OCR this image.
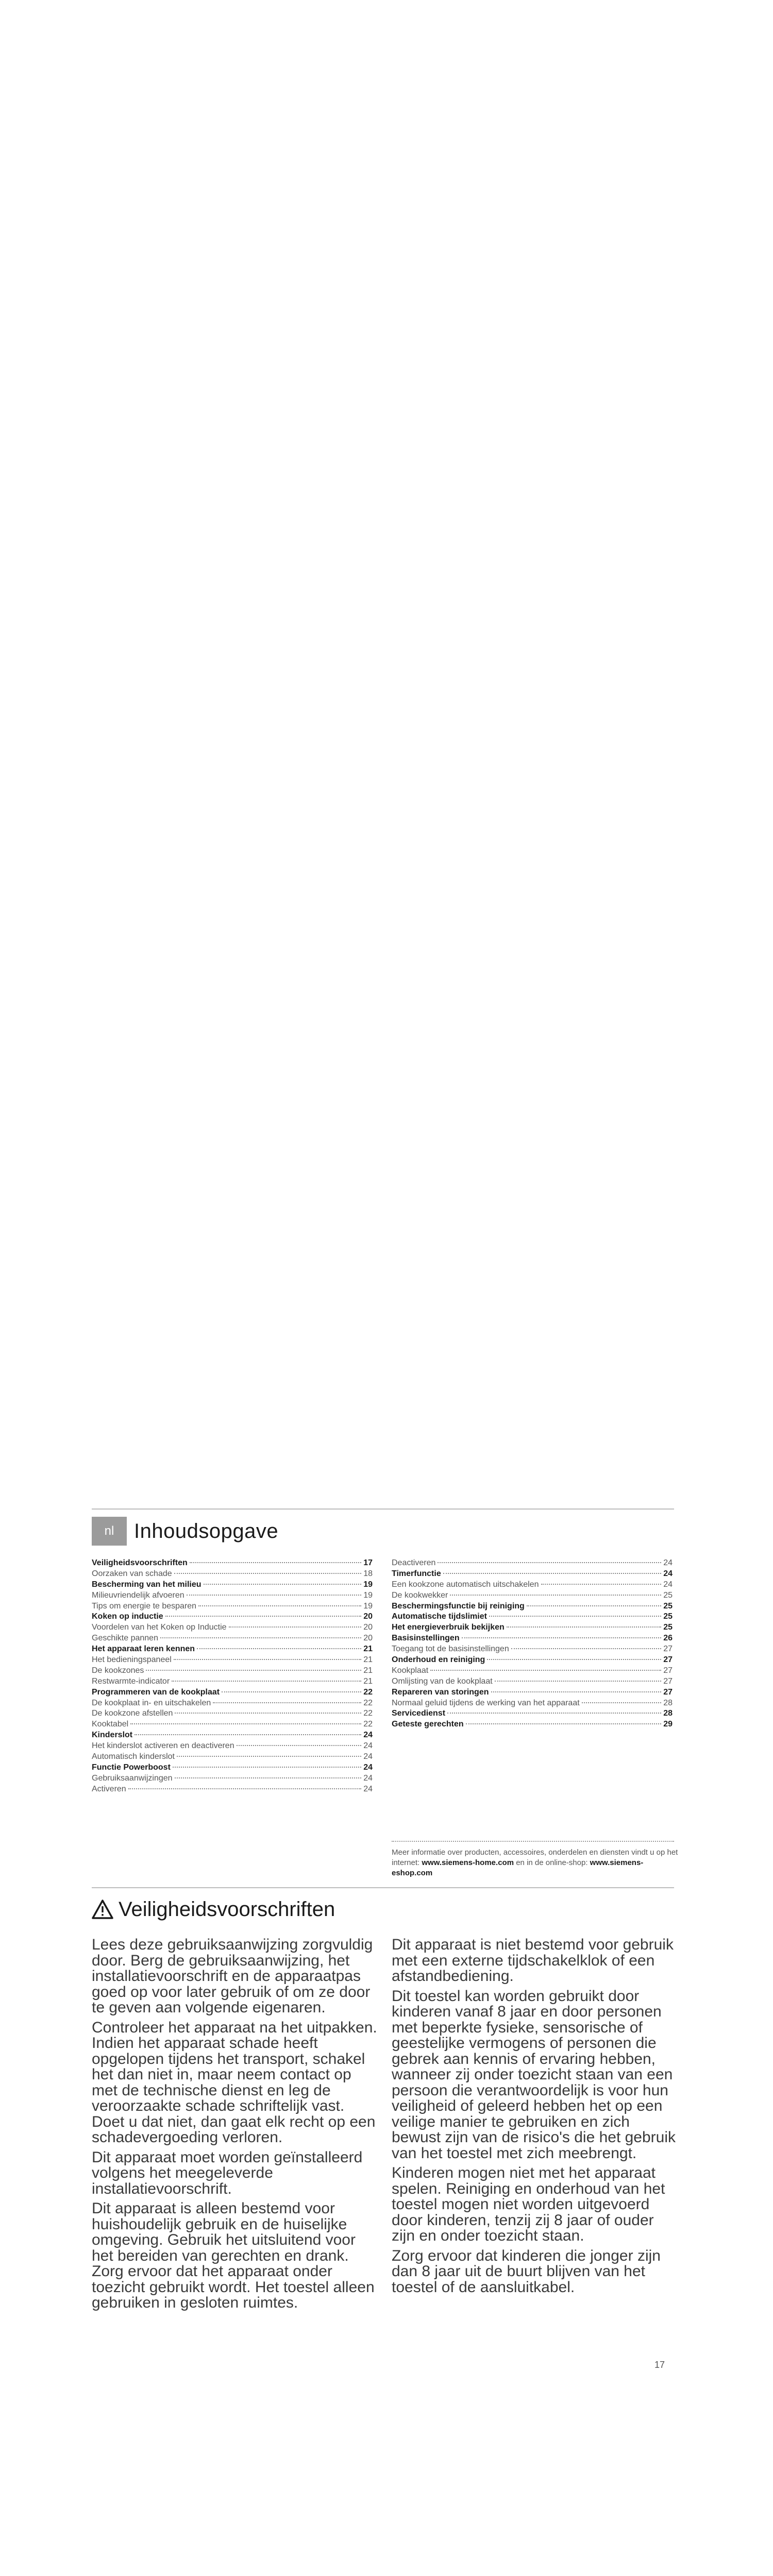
nl Inhoudsopgave
Veiligheidsvoorschriften	17
Oorzaken van schade	18
Bescherming van het milieu	19
Milieuvriendelijk afvoeren	19
Tips om energie te besparen	19
Koken op inductie	20
Voordelen van het Koken op Inductie	20
Geschikte pannen	20
Het apparaat leren kennen	21
Het bedieningspaneel	21
De kookzones	21
Restwarmte-indicator	21
Programmeren van de kookplaat	22
De kookplaat in- en uitschakelen	22
De kookzone afstellen	22
Kooktabel	22
Kinderslot	24
Het kinderslot activeren en deactiveren	24
Automatisch kinderslot	24
Functie Powerboost	24
Gebruiksaanwijzingen	24
Activeren	24
Deactiveren	24
Timerfunctie	24
Een kookzone automatisch uitschakelen	24
De kookwekker	25
Beschermingsfunctie bij reiniging	25
Automatische tijdslimiet	25
Het energieverbruik bekijken	25
Basisinstellingen	26
Toegang tot de basisinstellingen	27
Onderhoud en reiniging	27
Kookplaat	27
Omlijsting van de kookplaat	27
Repareren van storingen	27
Normaal geluid tijdens de werking van het apparaat	28
Servicedienst	28
Geteste gerechten	29
Meer informatie over producten, accessoires, onderdelen en diensten vindt u op het internet: www.siemens-home.com en in de online-shop: www.siemens-eshop.com
Veiligheidsvoorschriften

Lees deze gebruiksaanwijzing zorgvuldig door. Berg de gebruiksaanwijzing, het installatievoorschrift en de apparaatpas goed op voor later gebruik of om ze door te geven aan volgende eigenaren.

Controleer het apparaat na het uitpakken. Indien het apparaat schade heeft opgelopen tijdens het transport, schakel het dan niet in, maar neem contact op met de technische dienst en leg de veroorzaakte schade schriftelijk vast. Doet u dat niet, dan gaat elk recht op een schadevergoeding verloren.

Dit apparaat moet worden geïnstalleerd volgens het meegeleverde installatievoorschrift.

Dit apparaat is alleen bestemd voor huishoudelijk gebruik en de huiselijke omgeving. Gebruik het uitsluitend voor het bereiden van gerechten en drank. Zorg ervoor dat het apparaat onder toezicht gebruikt wordt. Het toestel alleen gebruiken in gesloten ruimtes.

Dit apparaat is niet bestemd voor gebruik met een externe tijdschakelklok of een afstandbediening.

Dit toestel kan worden gebruikt door kinderen vanaf 8 jaar en door personen met beperkte fysieke, sensorische of geestelijke vermogens of personen die gebrek aan kennis of ervaring hebben, wanneer zij onder toezicht staan van een persoon die verantwoordelijk is voor hun veiligheid of geleerd hebben het op een veilige manier te gebruiken en zich bewust zijn van de risico's die het gebruik van het toestel met zich meebrengt.

Kinderen mogen niet met het apparaat spelen. Reiniging en onderhoud van het toestel mogen niet worden uitgevoerd door kinderen, tenzij zij 8 jaar of ouder zijn en onder toezicht staan.

Zorg ervoor dat kinderen die jonger zijn dan 8 jaar uit de buurt blijven van het toestel of de aansluitkabel.

17
